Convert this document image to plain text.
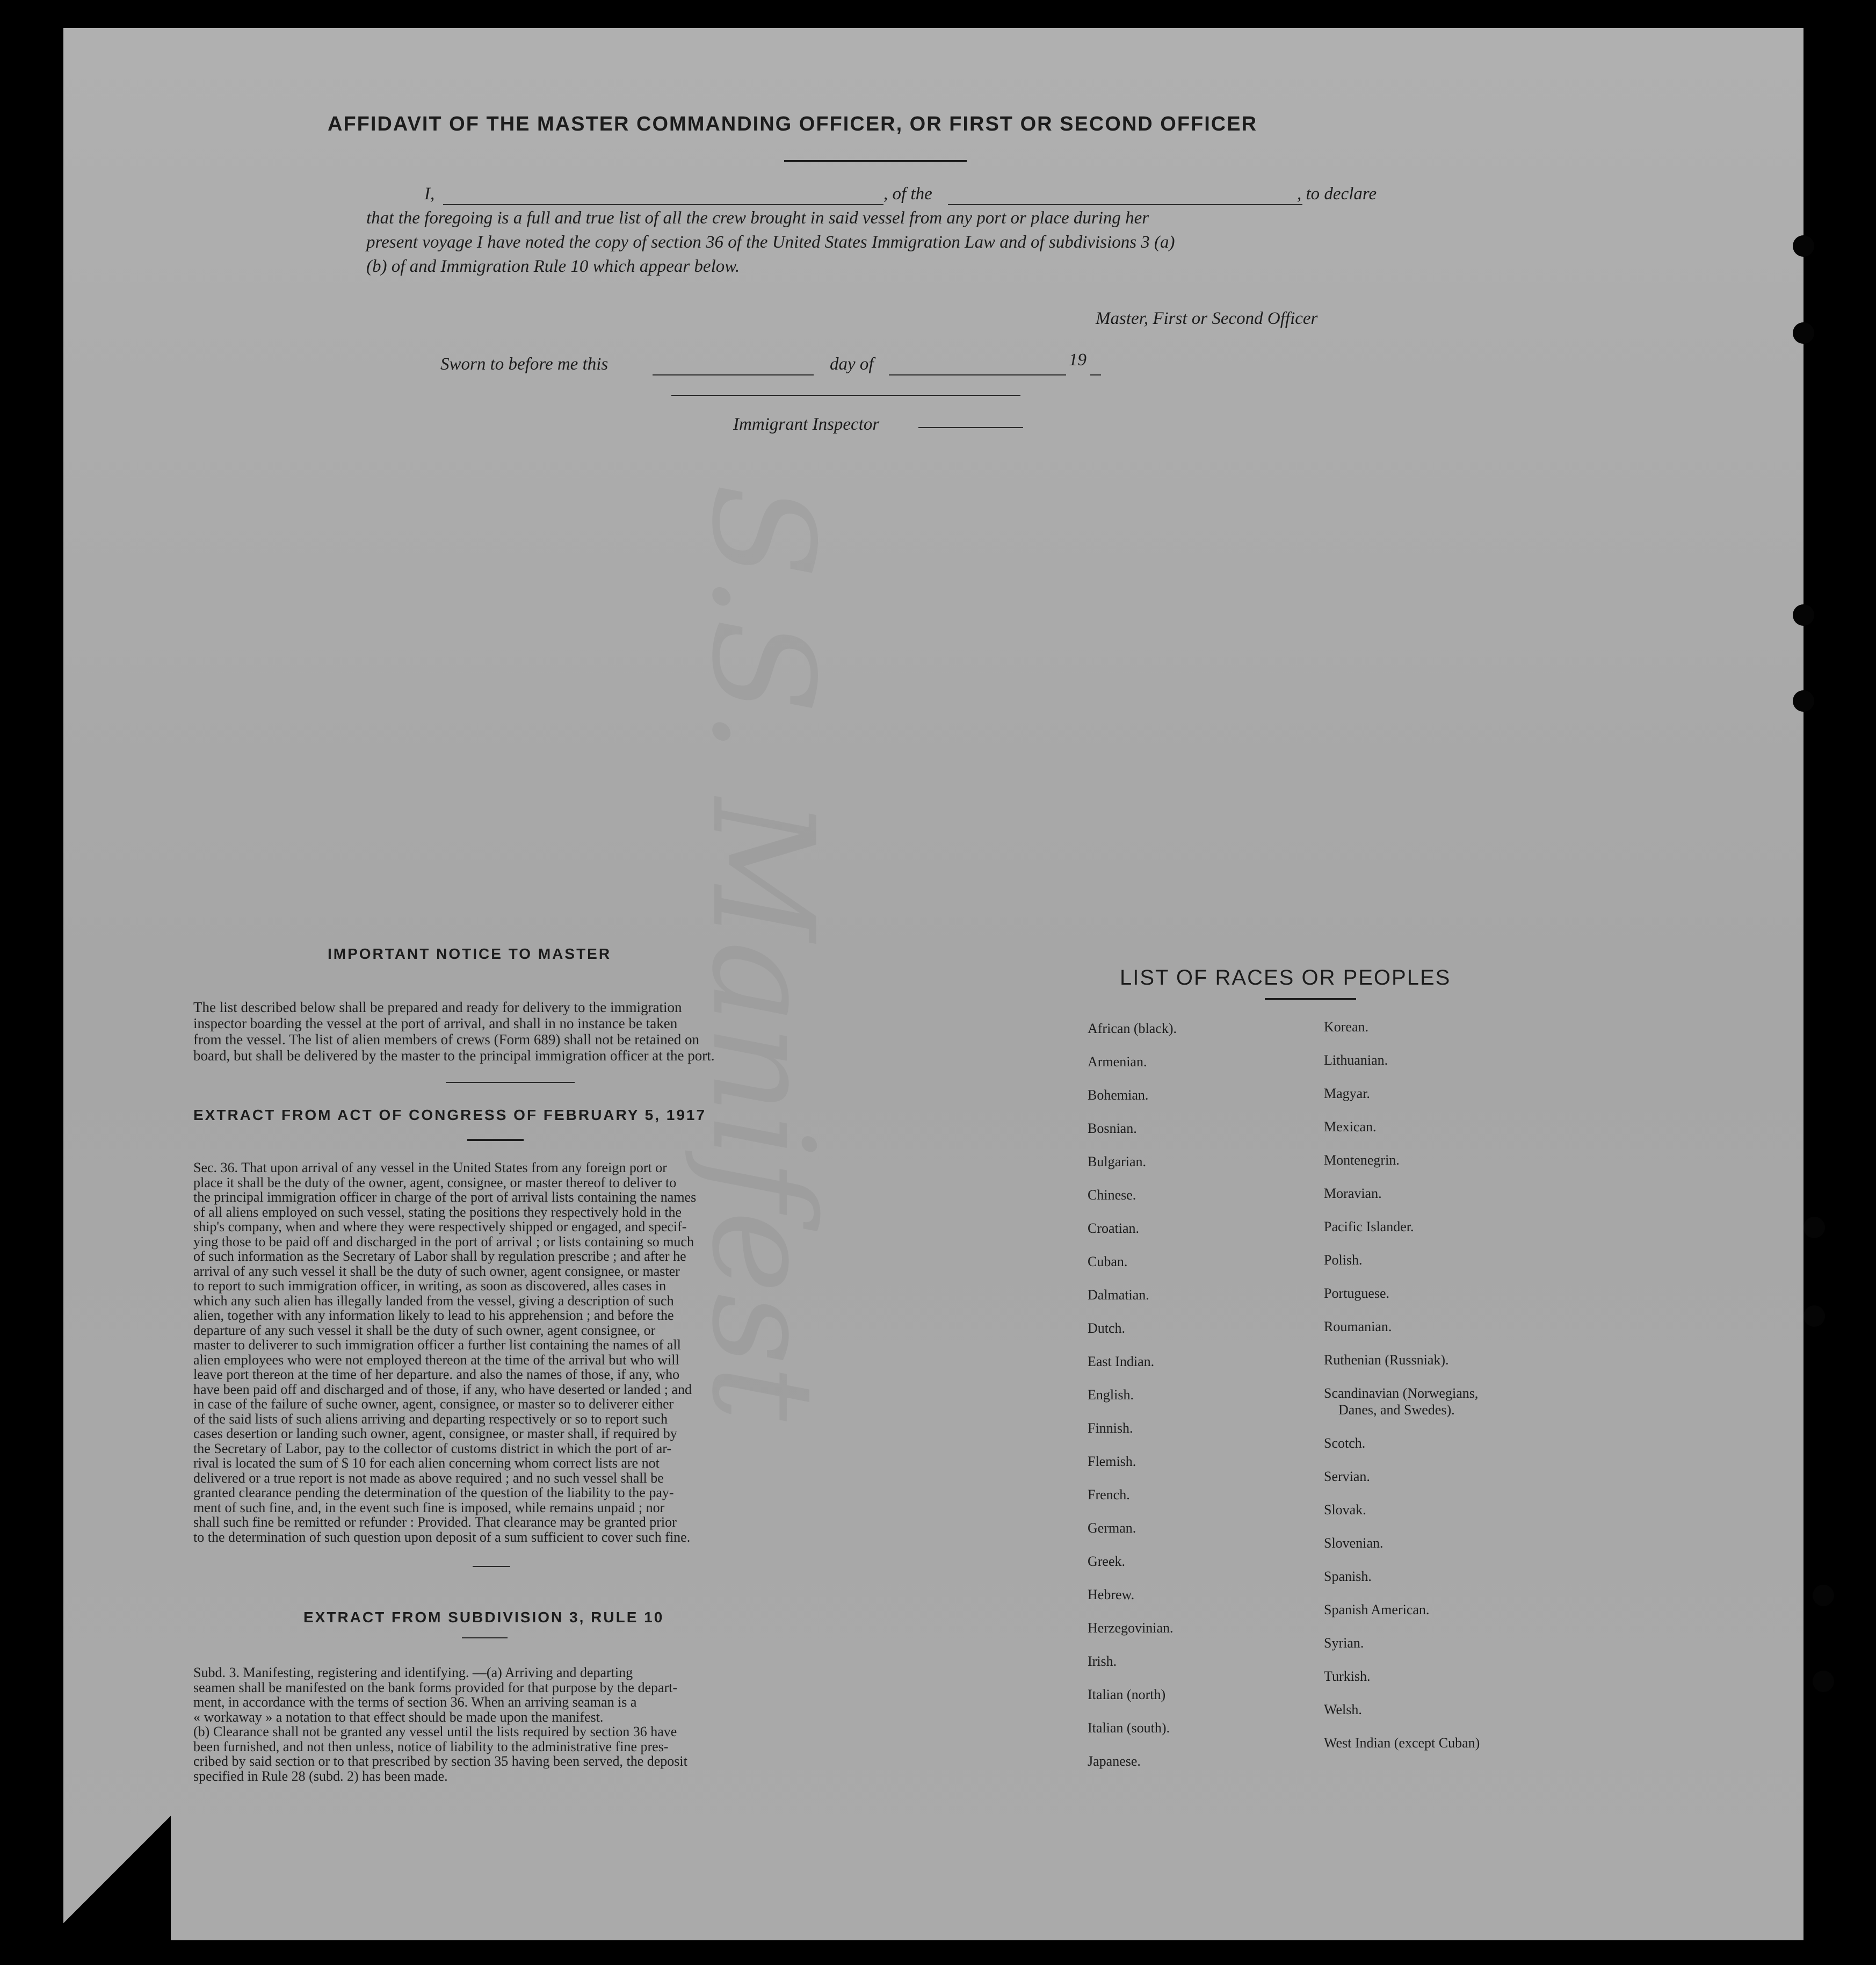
S.S. Manifest
AFFIDAVIT OF THE MASTER COMMANDING OFFICER, OR FIRST OR SECOND OFFICER
I,	, of the	, to declare
that the foregoing is a full and true list of all the crew brought in said vessel from any port or place during her
present voyage I have noted the copy of section 36 of the United States Immigration Law and of subdivisions 3 (a)
(b) of and Immigration Rule 10 which appear below.
Master, First or Second Officer
Sworn to before me this	day of	19
Immigrant Inspector
IMPORTANT NOTICE TO MASTER
The list described below shall be prepared and ready for delivery to the immigration
inspector boarding the vessel at the port of arrival, and shall in no instance be taken
from the vessel. The list of alien members of crews (Form 689) shall not be retained on
board, but shall be delivered by the master to the principal immigration officer at the port.
EXTRACT FROM ACT OF CONGRESS OF FEBRUARY 5, 1917
Sec. 36. That upon arrival of any vessel in the United States from any foreign port or
place it shall be the duty of the owner, agent, consignee, or master thereof to deliver to
the principal immigration officer in charge of the port of arrival lists containing the names
of all aliens employed on such vessel, stating the positions they respectively hold in the
ship's company, when and where they were respectively shipped or engaged, and specif-
ying those to be paid off and discharged in the port of arrival ; or lists containing so much
of such information as the Secretary of Labor shall by regulation prescribe ; and after he
arrival of any such vessel it shall be the duty of such owner, agent consignee, or master
to report to such immigration officer, in writing, as soon as discovered, alles cases in
which any such alien has illegally landed from the vessel, giving a description of such
alien, together with any information likely to lead to his apprehension ; and before the
departure of any such vessel it shall be the duty of such owner, agent consignee, or
master to deliverer to such immigration officer a further list containing the names of all
alien employees who were not employed thereon at the time of the arrival but who will
leave port thereon at the time of her departure. and also the names of those, if any, who
have been paid off and discharged and of those, if any, who have deserted or landed ; and
in case of the failure of suche owner, agent, consignee, or master so to deliverer either
of the said lists of such aliens arriving and departing respectively or so to report such
cases desertion or landing such owner, agent, consignee, or master shall, if required by
the Secretary of Labor, pay to the collector of customs district in which the port of ar-
rival is located the sum of $ 10 for each alien concerning whom correct lists are not
delivered or a true report is not made as above required ; and no such vessel shall be
granted clearance pending the determination of the question of the liability to the pay-
ment of such fine, and, in the event such fine is imposed, while remains unpaid ; nor
shall such fine be remitted or refunder : Provided. That clearance may be granted prior
to the determination of such question upon deposit of a sum sufficient to cover such fine.
EXTRACT FROM SUBDIVISION 3, RULE 10
Subd. 3. Manifesting, registering and identifying. —(a) Arriving and departing
seamen shall be manifested on the bank forms provided for that purpose by the depart-
ment, in accordance with the terms of section 36. When an arriving seaman is a
« workaway » a notation to that effect should be made upon the manifest.
(b) Clearance shall not be granted any vessel until the lists required by section 36 have
been furnished, and not then unless, notice of liability to the administrative fine pres-
cribed by said section or to that prescribed by section 35 having been served, the deposit
specified in Rule 28 (subd. 2) has been made.
LIST OF RACES OR PEOPLES
African (black).
Armenian.
Bohemian.
Bosnian.
Bulgarian.
Chinese.
Croatian.
Cuban.
Dalmatian.
Dutch.
East Indian.
English.
Finnish.
Flemish.
French.
German.
Greek.
Hebrew.
Herzegovinian.
Irish.
Italian (north)
Italian (south).
Japanese.
Korean.
Lithuanian.
Magyar.
Mexican.
Montenegrin.
Moravian.
Pacific Islander.
Polish.
Portuguese.
Roumanian.
Ruthenian (Russniak).
Scandinavian (Norwegians,
Danes, and Swedes).
Scotch.
Servian.
Slovak.
Slovenian.
Spanish.
Spanish American.
Syrian.
Turkish.
Welsh.
West Indian (except Cuban)
